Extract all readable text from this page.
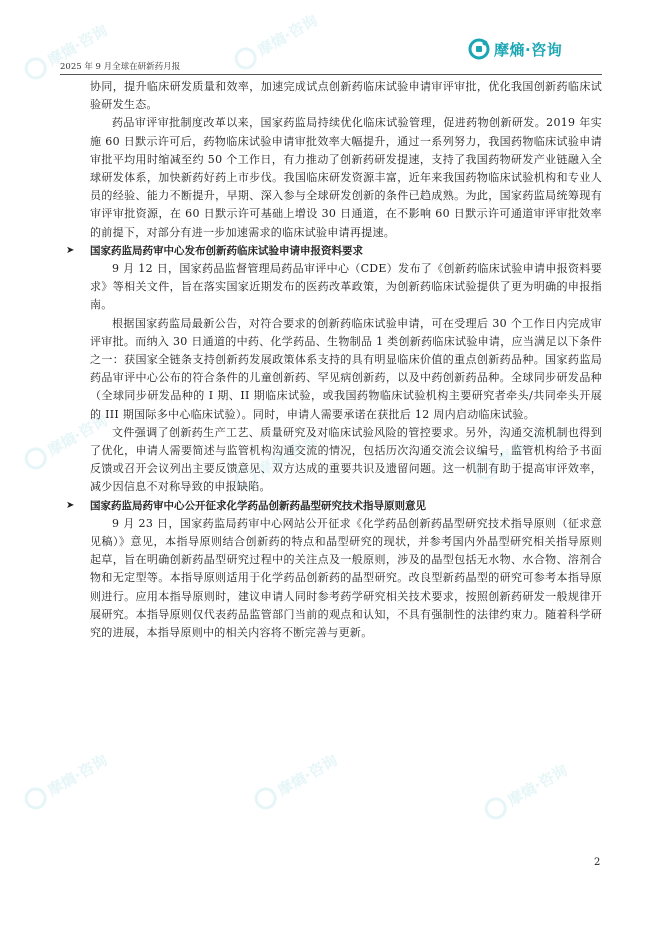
摩熵·咨询	摩熵·咨询
摩熵·咨询	摩熵·咨询	摩熵·咨询
摩熵·咨询	摩熵·咨询	摩熵·咨询
2025 年 9 月全球在研新药月报
摩熵·咨询

协同，提升临床研发质量和效率，加速完成试点创新药临床试验申请审评审批，优化我国创新药临床试验研发生态。

药品审评审批制度改革以来，国家药监局持续优化临床试验管理，促进药物创新研发。2019 年实施 60 日默示许可后，药物临床试验申请审批效率大幅提升，通过一系列努力，我国药物临床试验申请审批平均用时缩减至约 50 个工作日，有力推动了创新药研发提速，支持了我国药物研发产业链融入全球研发体系，加快新药好药上市步伐。我国临床研发资源丰富，近年来我国药物临床试验机构和专业人员的经验、能力不断提升，早期、深入参与全球研发创新的条件已趋成熟。为此，国家药监局统筹现有审评审批资源，在 60 日默示许可基础上增设 30 日通道，在不影响 60 日默示许可通道审评审批效率的前提下，对部分有进一步加速需求的临床试验申请再提速。

➤ 国家药监局药审中心发布创新药临床试验申请申报资料要求

9 月 12 日，国家药品监督管理局药品审评中心（CDE）发布了《创新药临床试验申请申报资料要求》等相关文件，旨在落实国家近期发布的医药改革政策，为创新药临床试验提供了更为明确的申报指南。

根据国家药监局最新公告，对符合要求的创新药临床试验申请，可在受理后 30 个工作日内完成审评审批。而纳入 30 日通道的中药、化学药品、生物制品 1 类创新药临床试验申请，应当满足以下条件之一：获国家全链条支持创新药发展政策体系支持的具有明显临床价值的重点创新药品种。国家药监局药品审评中心公布的符合条件的儿童创新药、罕见病创新药，以及中药创新药品种。全球同步研发品种（全球同步研发品种的 I 期、II 期临床试验，或我国药物临床试验机构主要研究者牵头/共同牵头开展的 III 期国际多中心临床试验）。同时，申请人需要承诺在获批后 12 周内启动临床试验。

文件强调了创新药生产工艺、质量研究及对临床试验风险的管控要求。另外，沟通交流机制也得到了优化，申请人需要简述与监管机构沟通交流的情况，包括历次沟通交流会议编号，监管机构给予书面反馈或召开会议列出主要反馈意见、双方达成的重要共识及遗留问题。这一机制有助于提高审评效率，减少因信息不对称导致的申报缺陷。

➤ 国家药监局药审中心公开征求化学药品创新药晶型研究技术指导原则意见

9 月 23 日，国家药监局药审中心网站公开征求《化学药品创新药晶型研究技术指导原则（征求意见稿）》意见，本指导原则结合创新药的特点和晶型研究的现状，并参考国内外晶型研究相关指导原则起草，旨在明确创新药晶型研究过程中的关注点及一般原则，涉及的晶型包括无水物、水合物、溶剂合物和无定型等。本指导原则适用于化学药品创新药的晶型研究。改良型新药晶型的研究可参考本指导原则进行。应用本指导原则时，建议申请人同时参考药学研究相关技术要求，按照创新药研发一般规律开展研究。本指导原则仅代表药品监管部门当前的观点和认知，不具有强制性的法律约束力。随着科学研究的进展，本指导原则中的相关内容将不断完善与更新。

2
